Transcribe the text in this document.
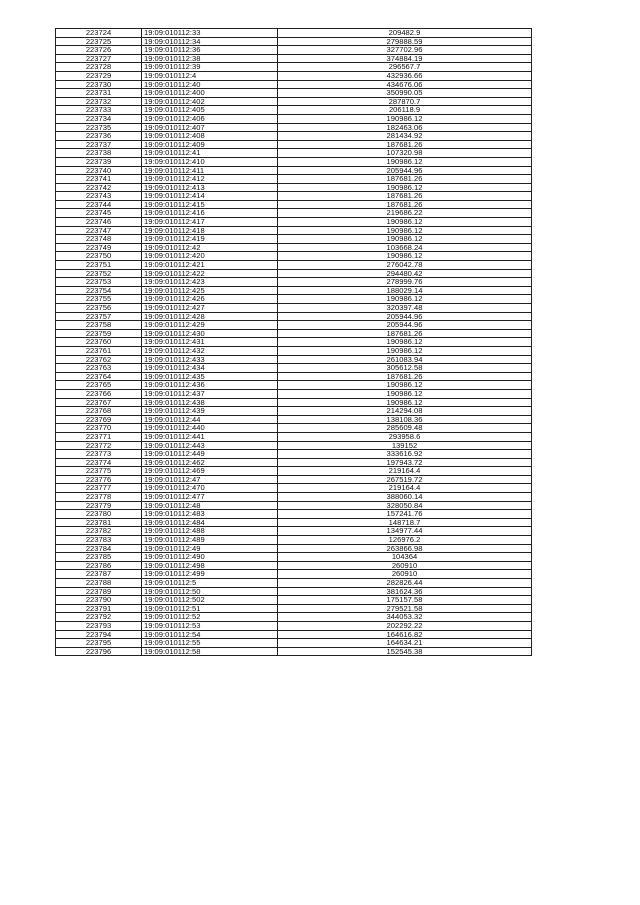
223724	19:09:010112:33	209482.9
223725	19:09:010112:34	279888.59
223726	19:09:010112:36	327702.96
223727	19:09:010112:38	374884.19
223728	19:09:010112:39	296567.7
223729	19:09:010112:4	432936.66
223730	19:09:010112:40	434676.06
223731	19:09:010112:400	350990.05
223732	19:09:010112:402	287870.7
223733	19:09:010112:405	206118.9
223734	19:09:010112:406	190986.12
223735	19:09:010112:407	182463.06
223736	19:09:010112:408	281434.92
223737	19:09:010112:409	187681.26
223738	19:09:010112:41	107320.98
223739	19:09:010112:410	190986.12
223740	19:09:010112:411	205944.96
223741	19:09:010112:412	187681.26
223742	19:09:010112:413	190986.12
223743	19:09:010112:414	187681.26
223744	19:09:010112:415	187681.26
223745	19:09:010112:416	219686.22
223746	19:09:010112:417	190986.12
223747	19:09:010112:418	190986.12
223748	19:09:010112:419	190986.12
223749	19:09:010112:42	103668.24
223750	19:09:010112:420	190986.12
223751	19:09:010112:421	276042.78
223752	19:09:010112:422	294480.42
223753	19:09:010112:423	278999.76
223754	19:09:010112:425	188029.14
223755	19:09:010112:426	190986.12
223756	19:09:010112:427	320397.48
223757	19:09:010112:428	205944.96
223758	19:09:010112:429	205944.96
223759	19:09:010112:430	187681.26
223760	19:09:010112:431	190986.12
223761	19:09:010112:432	190986.12
223762	19:09:010112:433	261083.94
223763	19:09:010112:434	305612.58
223764	19:09:010112:435	187681.26
223765	19:09:010112:436	190986.12
223766	19:09:010112:437	190986.12
223767	19:09:010112:438	190986.12
223768	19:09:010112:439	214294.08
223769	19:09:010112:44	138108.36
223770	19:09:010112:440	285609.48
223771	19:09:010112:441	293958.6
223772	19:09:010112:443	139152
223773	19:09:010112:449	333616.92
223774	19:09:010112:462	197943.72
223775	19:09:010112:469	219164.4
223776	19:09:010112:47	267519.72
223777	19:09:010112:470	219164.4
223778	19:09:010112:477	388060.14
223779	19:09:010112:48	328050.84
223780	19:09:010112:483	157241.76
223781	19:09:010112:484	148718.7
223782	19:09:010112:488	134977.44
223783	19:09:010112:489	126976.2
223784	19:09:010112:49	263866.98
223785	19:09:010112:490	104364
223786	19:09:010112:498	260910
223787	19:09:010112:499	260910
223788	19:09:010112:5	282826.44
223789	19:09:010112:50	381624.36
223790	19:09:010112:502	175157.58
223791	19:09:010112:51	279521.58
223792	19:09:010112:52	344053.32
223793	19:09:010112:53	202292.22
223794	19:09:010112:54	164616.82
223795	19:09:010112:55	164634.21
223796	19:09:010112:58	152545.38
